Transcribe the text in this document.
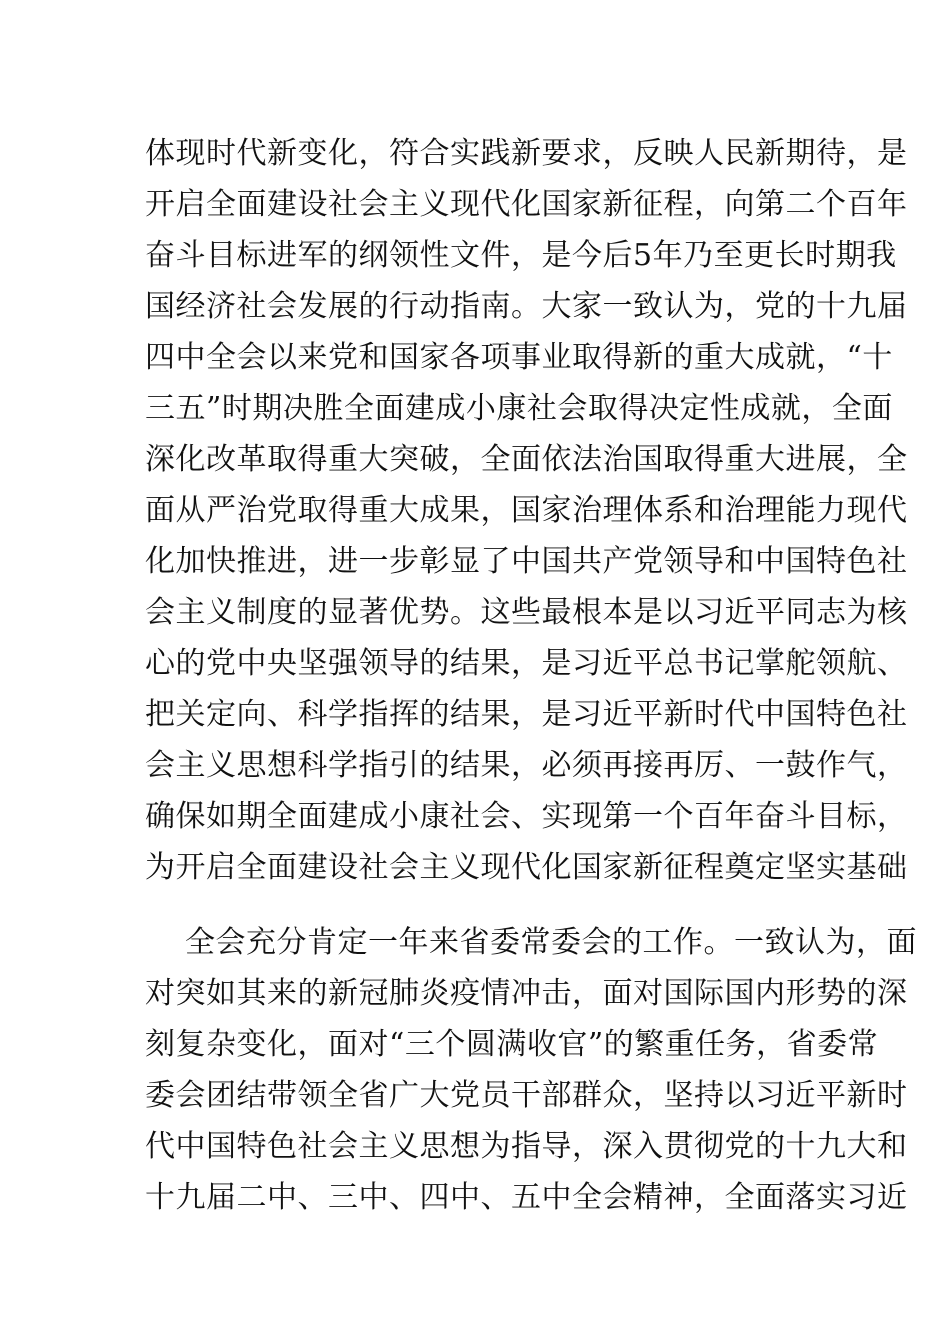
体现时代新变化，符合实践新要求，反映人民新期待，是
开启全面建设社会主义现代化国家新征程，向第二个百年
奋斗目标进军的纲领性文件，是今后5年乃至更长时期我
国经济社会发展的行动指南。大家一致认为，党的十九届
四中全会以来党和国家各项事业取得新的重大成就，“十
三五”时期决胜全面建成小康社会取得决定性成就，全面
深化改革取得重大突破，全面依法治国取得重大进展，全
面从严治党取得重大成果，国家治理体系和治理能力现代
化加快推进，进一步彰显了中国共产党领导和中国特色社
会主义制度的显著优势。这些最根本是以习近平同志为核
心的党中央坚强领导的结果，是习近平总书记掌舵领航、
把关定向、科学指挥的结果，是习近平新时代中国特色社
会主义思想科学指引的结果，必须再接再厉、一鼓作气，
确保如期全面建成小康社会、实现第一个百年奋斗目标，
为开启全面建设社会主义现代化国家新征程奠定坚实基础
全会充分肯定一年来省委常委会的工作。一致认为，面
对突如其来的新冠肺炎疫情冲击，面对国际国内形势的深
刻复杂变化，面对“三个圆满收官”的繁重任务，省委常
委会团结带领全省广大党员干部群众，坚持以习近平新时
代中国特色社会主义思想为指导，深入贯彻党的十九大和
十九届二中、三中、四中、五中全会精神，全面落实习近
